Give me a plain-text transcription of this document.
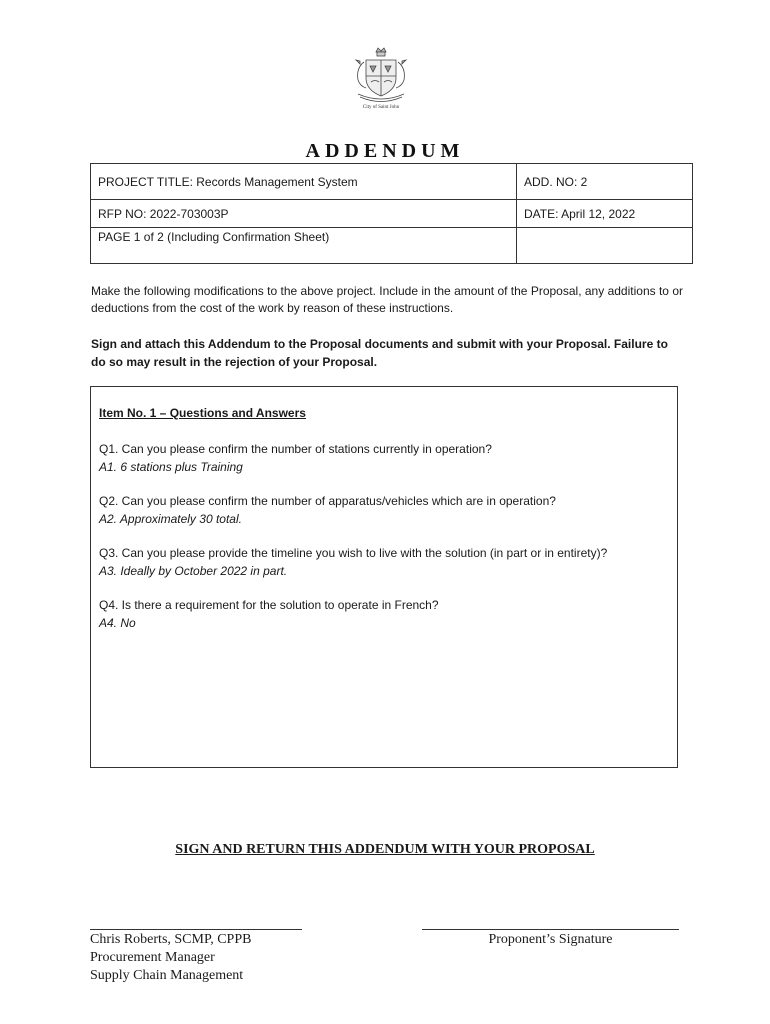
City of Saint John
ADDENDUM
PROJECT TITLE: Records Management System	ADD. NO: 2
RFP NO: 2022-703003P	DATE: April 12, 2022
PAGE 1 of 2 (Including Confirmation Sheet)	
Make the following modifications to the above project. Include in the amount of the Proposal, any additions to or deductions from the cost of the work by reason of these instructions.
Sign and attach this Addendum to the Proposal documents and submit with your Proposal. Failure to do so may result in the rejection of your Proposal.
Item No. 1 – Questions and Answers
Q1. Can you please confirm the number of stations currently in operation?
A1. 6 stations plus Training
Q2. Can you please confirm the number of apparatus/vehicles which are in operation?
A2. Approximately 30 total.
Q3. Can you please provide the timeline you wish to live with the solution (in part or in entirety)?
A3. Ideally by October 2022 in part.
Q4. Is there a requirement for the solution to operate in French?
A4. No
SIGN AND RETURN THIS ADDENDUM WITH YOUR PROPOSAL
Chris Roberts, SCMP, CPPB
Procurement Manager
Supply Chain Management
Proponent’s Signature
